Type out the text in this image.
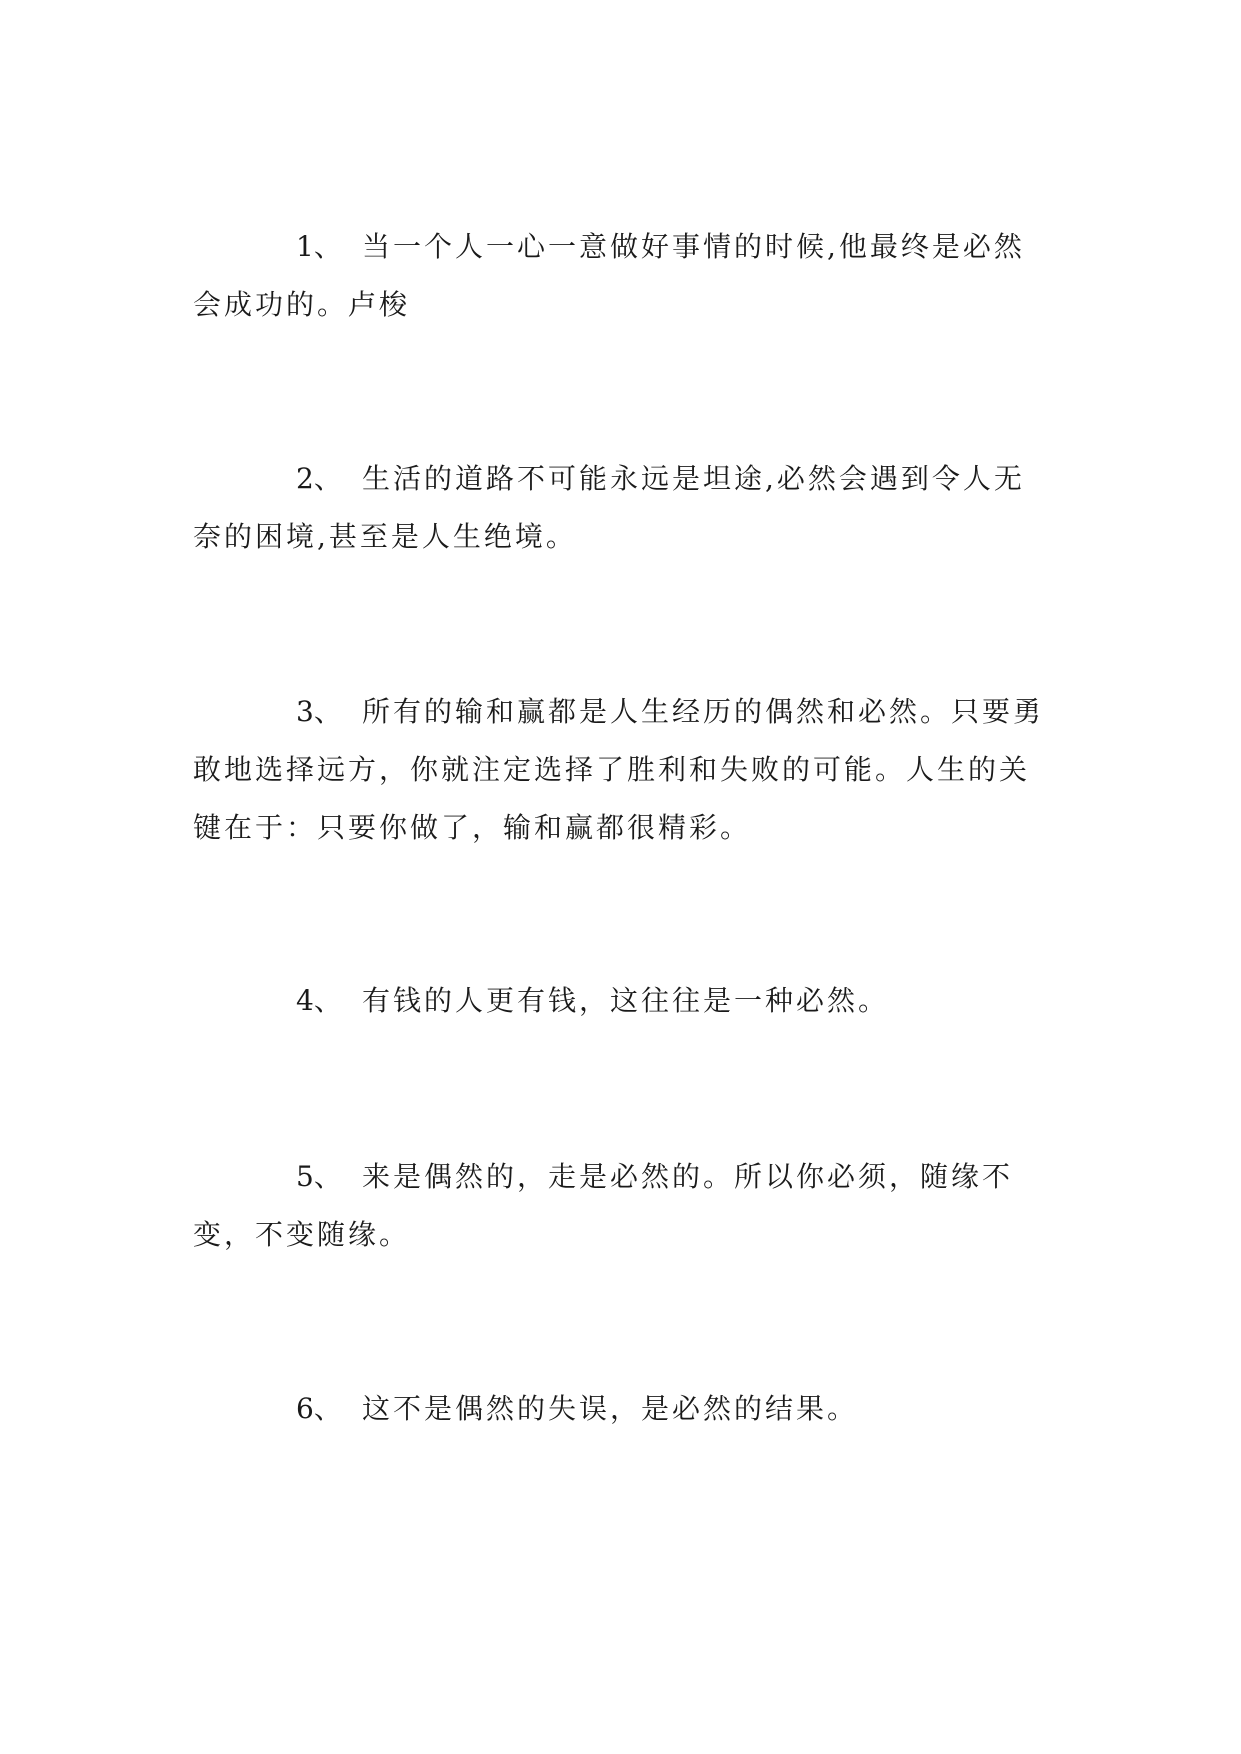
1、 当一个人一心一意做好事情的时候,他最终是必然会成功的。卢梭

2、 生活的道路不可能永远是坦途,必然会遇到令人无奈的困境,甚至是人生绝境。

3、 所有的输和赢都是人生经历的偶然和必然。只要勇敢地选择远方，你就注定选择了胜利和失败的可能。人生的关键在于：只要你做了，输和赢都很精彩。

4、 有钱的人更有钱，这往往是一种必然。

5、 来是偶然的，走是必然的。所以你必须，随缘不变，不变随缘。

6、 这不是偶然的失误，是必然的结果。
